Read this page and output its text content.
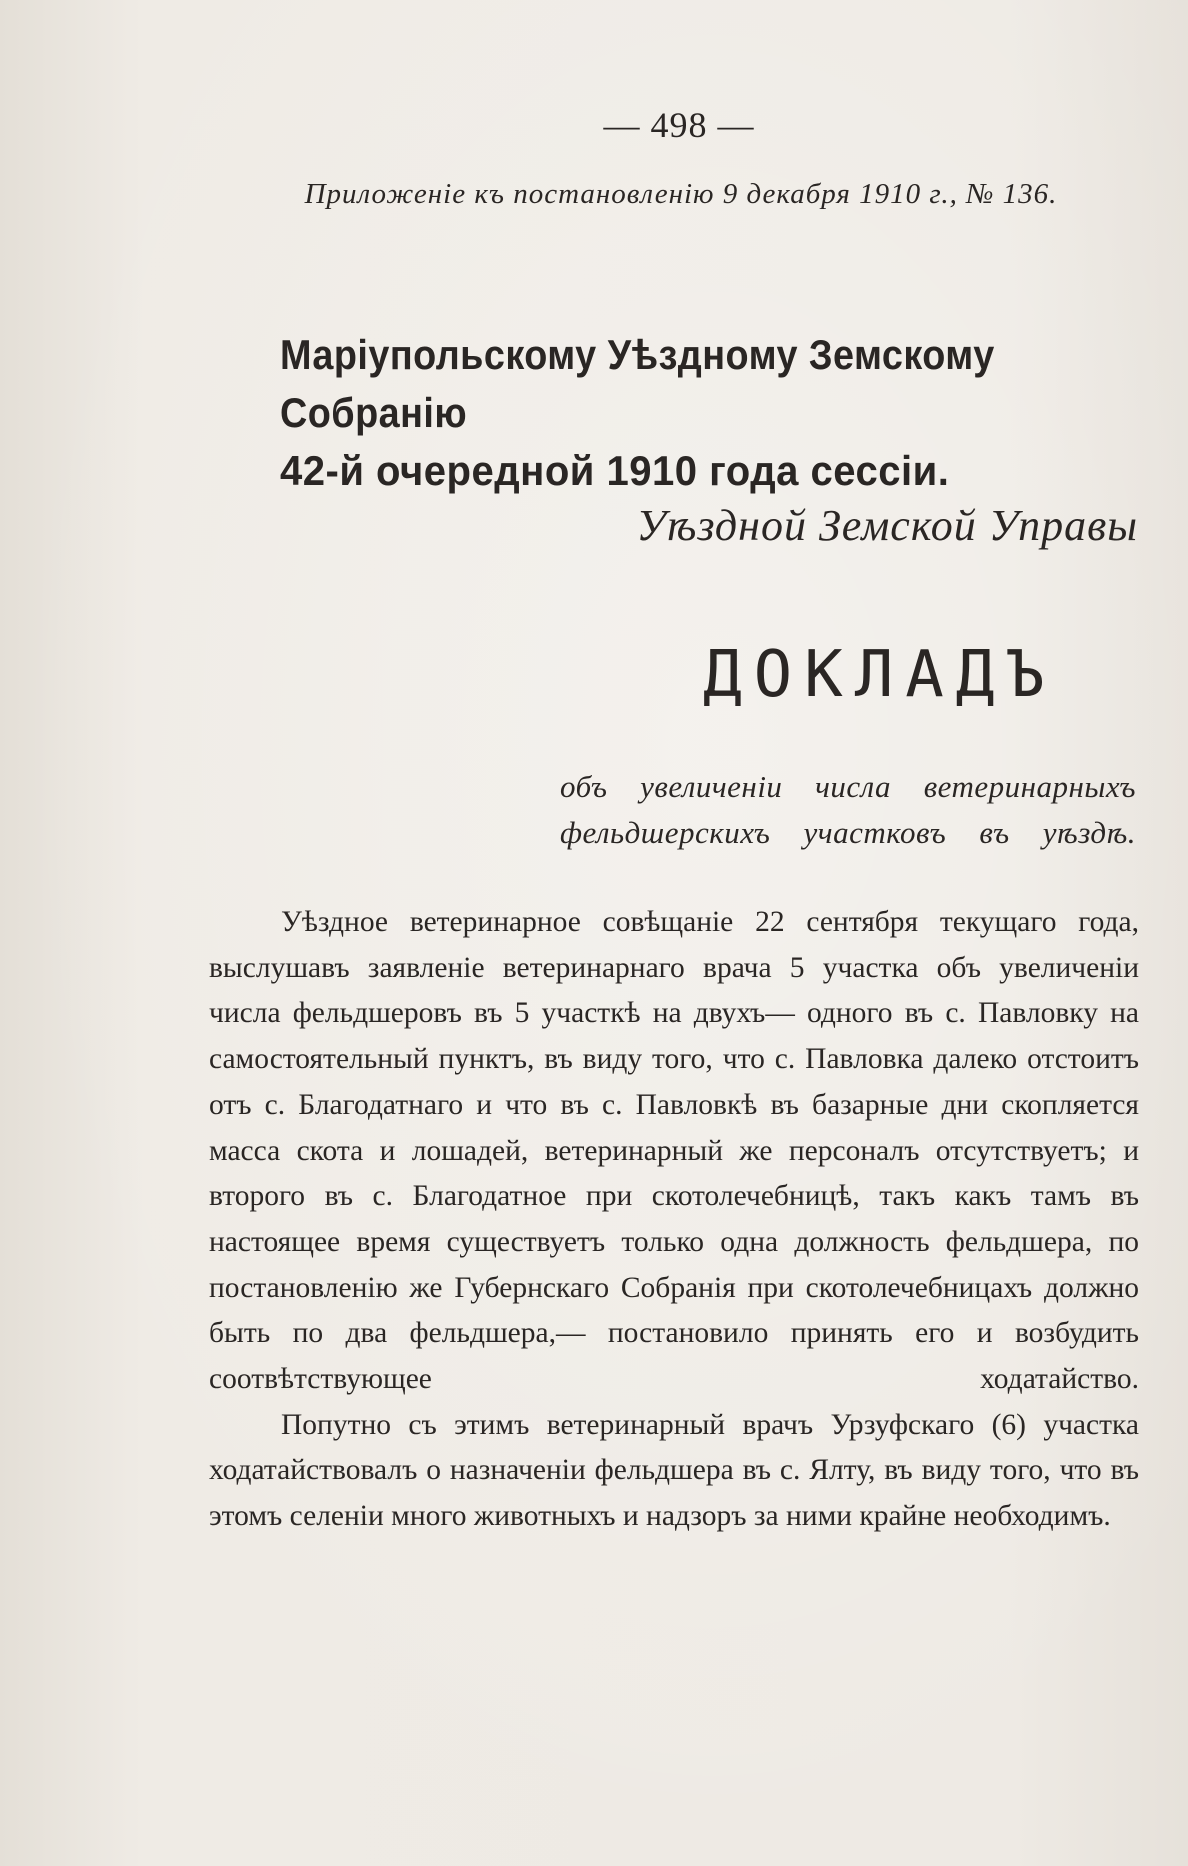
— 498 —
Приложеніе къ постановленію 9 декабря 1910 г., № 136.
Маріупольскому Уѣздному Земскому Собранію

42-й очередной 1910 года сессіи.
Уѣздной Земской Управы
ДОКЛАДЪ
объ увеличеніи числа ветеринарныхъ фельдшерскихъ участковъ въ уѣздѣ.

Уѣздное ветеринарное совѣщаніе 22 сентября текущаго года, выслушавъ заявленіе ветеринарнаго врача 5 участка объ увеличеніи числа фельдшеровъ въ 5 участкѣ на двухъ— одного въ с. Павловку на самостоятельный пунктъ, въ виду того, что с. Павловка далеко отстоитъ отъ с. Благодатнаго и что въ с. Павловкѣ въ базарные дни скопляется масса скота и лошадей, ветеринарный же персоналъ отсутствуетъ; и второго въ с. Благодатное при скотолечебницѣ, такъ какъ тамъ въ настоящее время существуетъ только одна должность фельдшера, по постановленію же Губернскаго Собранія при скотолечебницахъ должно быть по два фельдшера,— постановило принять его и возбудить соотвѣтствующее ходатайство.

Попутно съ этимъ ветеринарный врачъ Урзуфскаго (6) участка ходатайствовалъ о назначеніи фельдшера въ с. Ялту, въ виду того, что въ этомъ селеніи много животныхъ и надзоръ за ними крайне необходимъ.
